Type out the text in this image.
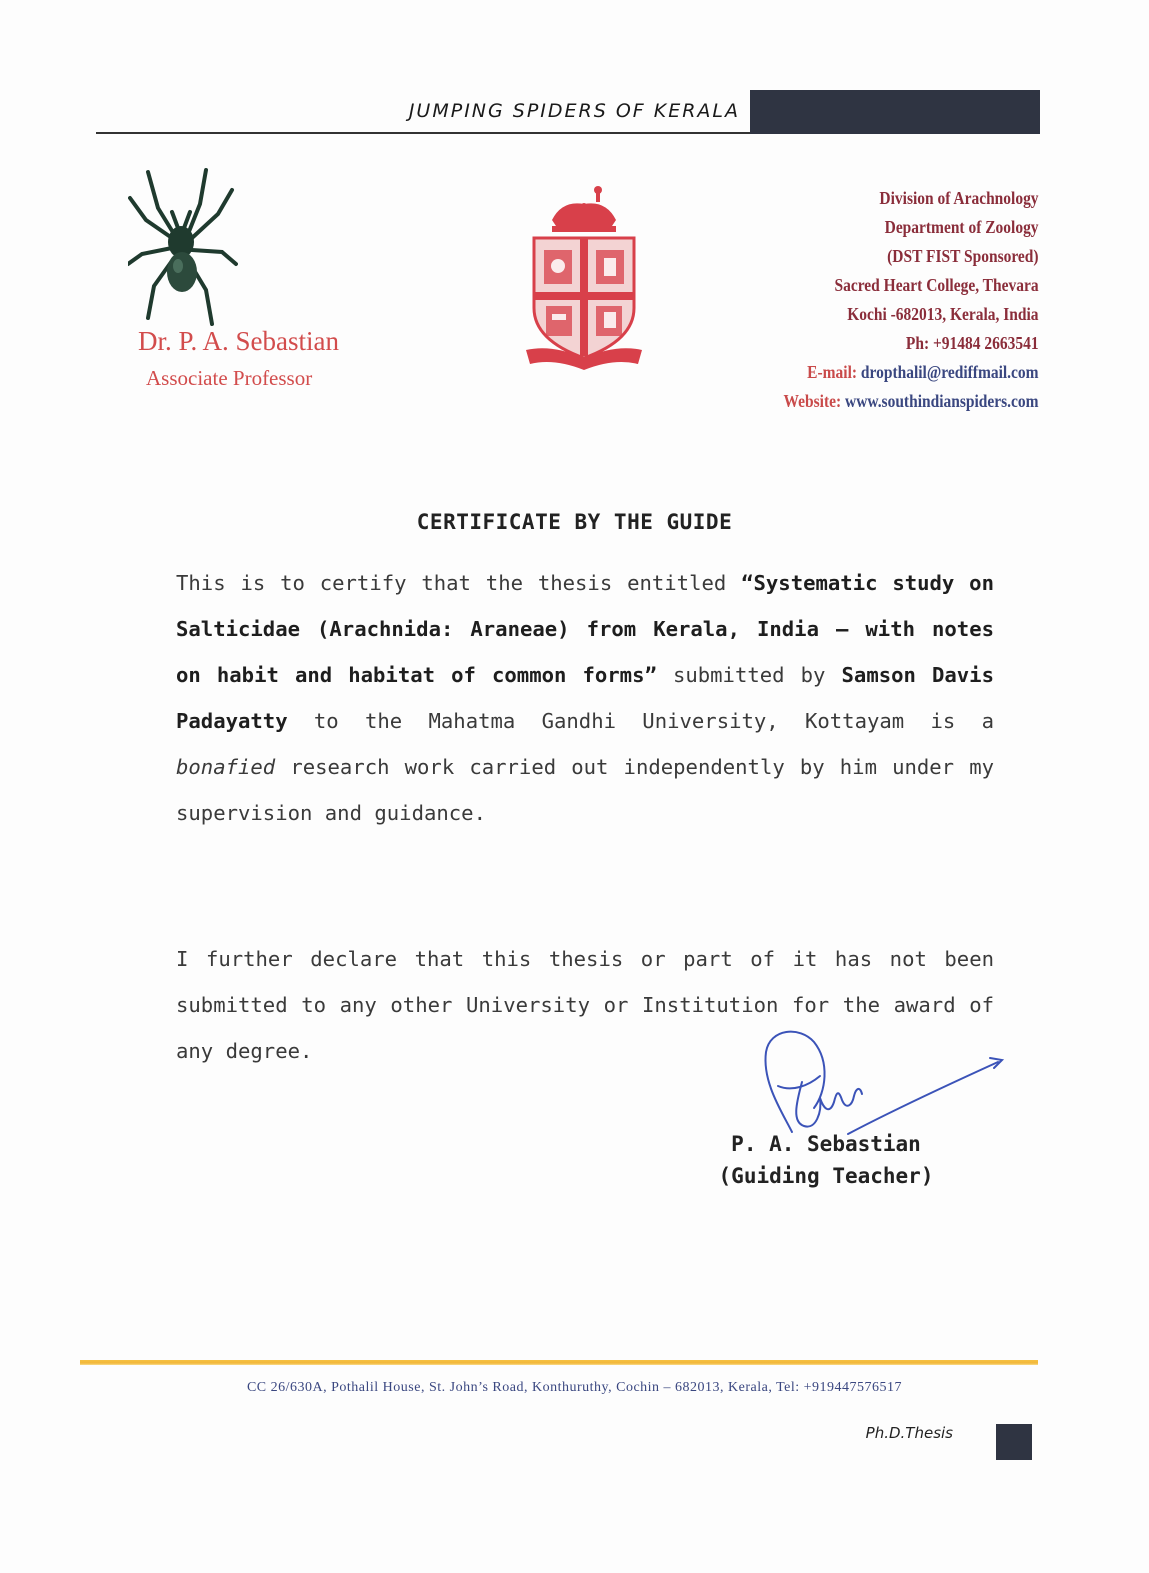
JUMPING SPIDERS OF KERALA
Dr. P. A. Sebastian
Associate Professor
Division of Arachnology
Department of Zoology
(DST FIST Sponsored)
Sacred Heart College, Thevara
Kochi -682013, Kerala, India
Ph: +91484 2663541
E-mail: dropthalil@rediffmail.com
Website: www.southindianspiders.com
CERTIFICATE BY THE GUIDE
This is to certify that the thesis entitled “Systematic study on Salticidae (Arachnida: Araneae) from Kerala, India – with notes on habit and habitat of common forms” submitted by Samson Davis Padayatty to the Mahatma Gandhi University, Kottayam is a bonafied research work carried out independently by him under my supervision and guidance.
I further declare that this thesis or part of it has not been submitted to any other University or Institution for the award of any degree.
P. A. Sebastian
(Guiding Teacher)
CC 26/630A, Pothalil House, St. John’s Road, Konthuruthy, Cochin – 682013, Kerala, Tel: +919447576517
Ph.D.Thesis
